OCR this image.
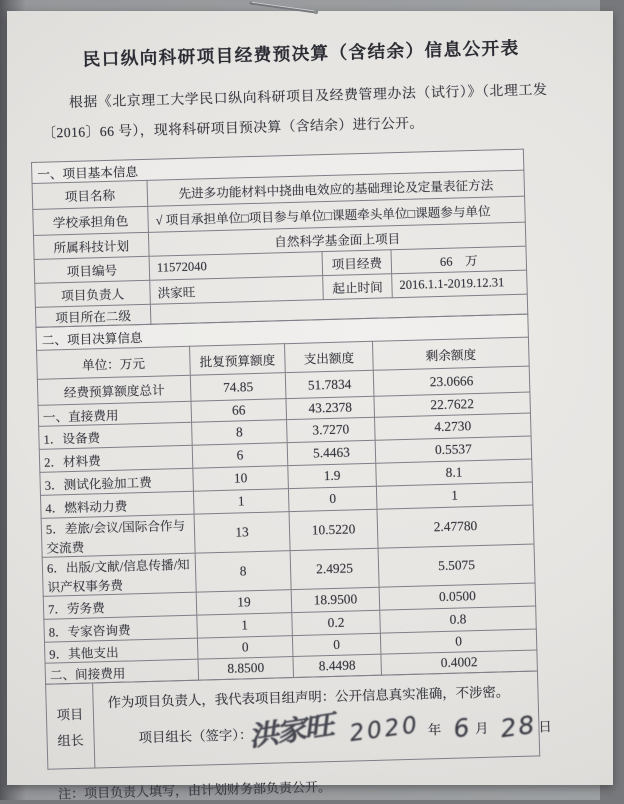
民口纵向科研项目经费预决算（含结余）信息公开表

根据《北京理工大学民口纵向科研项目及经费管理办法（试行）》（北理工发〔2016〕66 号），现将科研项目预决算（含结余）进行公开。

一、项目基本信息			
项目名称	先进多功能材料中挠曲电效应的基础理论及定量表征方法		
学校承担角色	√ 项目承担单位□项目参与单位□课题牵头单位□课题参与单位		
所属科技计划	自然科学基金面上项目		
项目编号	11572040	项目经费	66　万
项目负责人	洪家旺	起止时间	2016.1.1-2019.12.31
项目所在二级			
二、项目决算信息			
单位：万元	批复预算额度	支出额度	剩余额度
经费预算额度总计	74.85	51.7834	23.0666
一、直接费用	66	43.2378	22.7622
1．设备费	8	3.7270	4.2730
2．材料费	6	5.4463	0.5537
3．测试化验加工费	10	1.9	8.1
4．燃料动力费	1	0	1
5．差旅/会议/国际合作与交流费	13	10.5220	2.47780
6．出版/文献/信息传播/知识产权事务费	8	2.4925	5.5075
7．劳务费	19	18.9500	0.0500
8．专家咨询费	1	0.2	0.8
9．其他支出	0	0	0
二、间接费用	8.8500	8.4498	0.4002
项目
组长

作为项目负责人，我代表项目组声明：公开信息真实准确，不涉密。
项目组长（签字）：
洪家旺 2020 年 6 月 28 日

注：项目负责人填写，由计划财务部负责公开。
